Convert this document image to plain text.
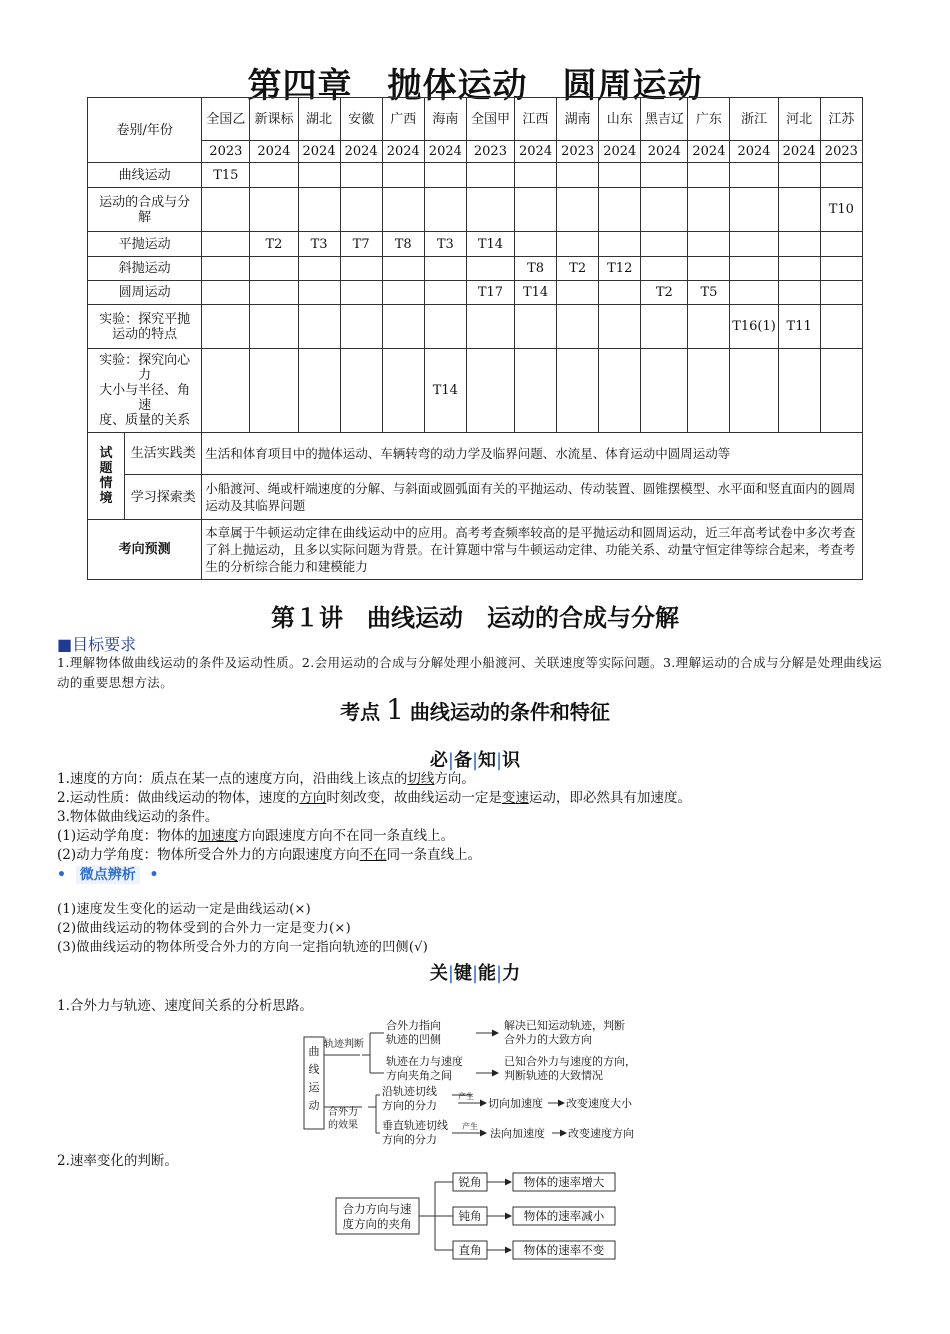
第四章　抛体运动　圆周运动
卷别/年份		全国乙	新课标	湖北	安徽	广西	海南	全国甲	江西	湖南	山东	黑吉辽	广东	浙江	河北	江苏
		2023	2024	2024	2024	2024	2024	2023	2024	2023	2024	2024	2024	2024	2024	2023

曲线运动		T15														

运动的合成与分
解																T10

平抛运动			T2	T3	T7	T8	T3	T14								

斜抛运动									T8	T2	T12					

圆周运动								T17	T14			T2	T5			

实验：探究平抛
运动的特点														T16(1)	T11	

实验：探究向心
力
大小与半径、角
速
度、质量的关系							T14									

试
题
情
境	生活实践类	生活和体育项目中的抛体运动、车辆转弯的动力学及临界问题、水流星、体育运动中圆周运动等														
	学习探索类	小船渡河、绳或杆端速度的分解、与斜面或圆弧面有关的平抛运动、传动装置、圆锥摆模型、水平面和竖直面内的圆周运动及其临界问题														
考向预测		本章属于牛顿运动定律在曲线运动中的应用。高考考查频率较高的是平抛运动和圆周运动，近三年高考试卷中多次考查了斜上抛运动，且多以实际问题为背景。在计算题中常与牛顿运动定律、功能关系、动量守恒定律等综合起来，考查考生的分析综合能力和建模能力														
第１讲　曲线运动　运动的合成与分解
■目标要求
1.理解物体做曲线运动的条件及运动性质。2.会用运动的合成与分解处理小船渡河、关联速度等实际问题。3.理解运动的合成与分解是处理曲线运动的重要思想方法。
考点 1 曲线运动的条件和特征
必|备|知|识
1.速度的方向：质点在某一点的速度方向，沿曲线上该点的切线方向。
2.运动性质：做曲线运动的物体，速度的方向时刻改变，故曲线运动一定是变速运动，即必然具有加速度。
3.物体做曲线运动的条件。
(1)运动学角度：物体的加速度方向跟速度方向不在同一条直线上。
(2)动力学角度：物体所受合外力的方向跟速度方向不在同一条直线上。
•  微点辨析  •
(1)速度发生变化的运动一定是曲线运动(×)
(2)做曲线运动的物体受到的合外力一定是变力(×)
(3)做曲线运动的物体所受合外力的方向一定指向轨迹的凹侧(√)
关|键|能|力
1.合外力与轨迹、速度间关系的分析思路。
曲
线
运
动
轨迹判断
合外力
的效果
合外力指向
轨迹的凹侧
轨迹在力与速度
方向夹角之间
解决已知运动轨迹，判断
合外力的大致方向
已知合外力与速度的方向，
判断轨迹的大致情况
沿轨迹切线
方向的分力
垂直轨迹切线
方向的分力
产生
产生
切向加速度 改变速度大小
法向加速度 改变速度方向
2.速率变化的判断。
合力方向与速
度方向的夹角
锐角
钝角
直角
物体的速率增大
物体的速率减小
物体的速率不变
